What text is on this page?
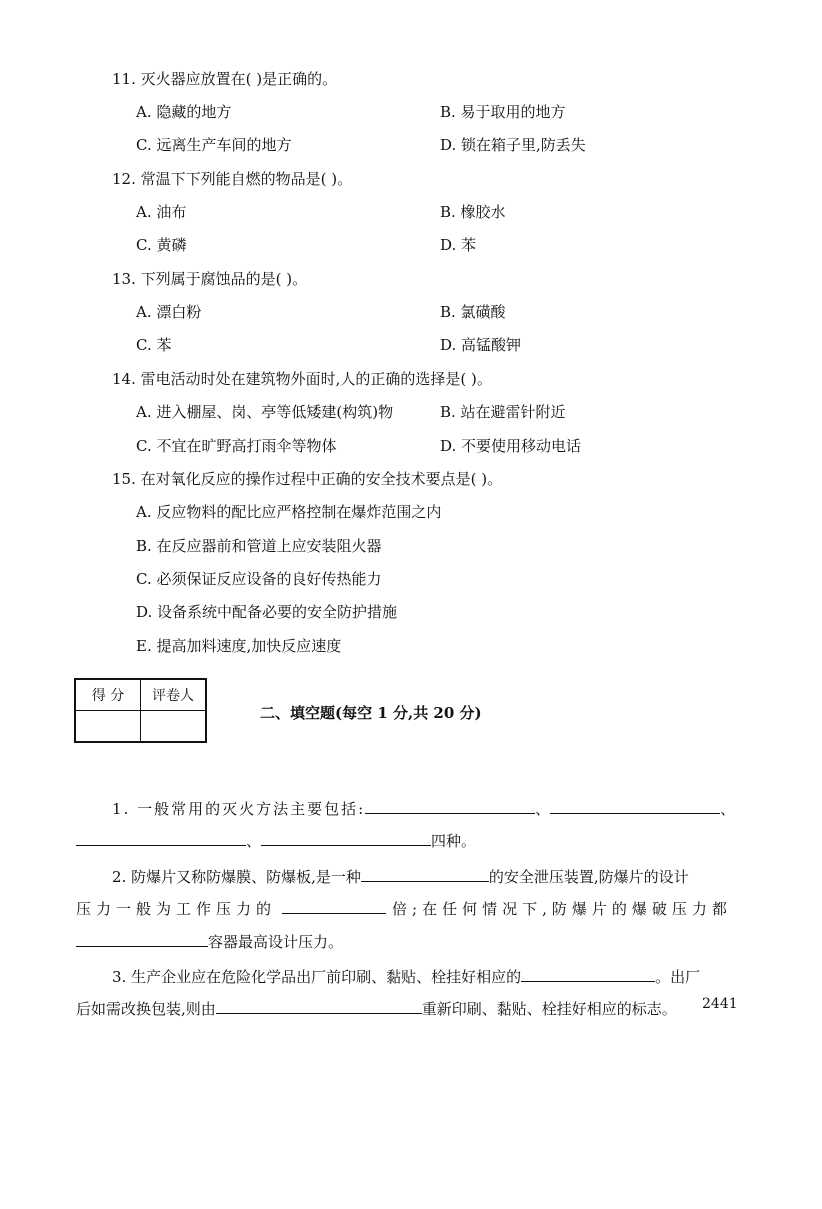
11. 灭火器应放置在( )是正确的。
A. 隐藏的地方	B. 易于取用的地方
C. 远离生产车间的地方	D. 锁在箱子里,防丢失
12. 常温下下列能自燃的物品是( )。
A. 油布	B. 橡胶水
C. 黄磷	D. 苯
13. 下列属于腐蚀品的是( )。
A. 漂白粉	B. 氯磺酸
C. 苯	D. 高锰酸钾
14. 雷电活动时处在建筑物外面时,人的正确的选择是( )。
A. 进入棚屋、岗、亭等低矮建(构筑)物	B. 站在避雷针附近
C. 不宜在旷野高打雨伞等物体	D. 不要使用移动电话
15. 在对氧化反应的操作过程中正确的安全技术要点是( )。
A. 反应物料的配比应严格控制在爆炸范围之内
B. 在反应器前和管道上应安装阻火器
C. 必须保证反应设备的良好传热能力
D. 设备系统中配备必要的安全防护措施
E. 提高加料速度,加快反应速度
得 分	评卷人

二、填空题(每空 1 分,共 20 分)
1. 一般常用的灭火方法主要包括:	、	、
、	四种。
2. 防爆片又称防爆膜、防爆板,是一种	的安全泄压装置,防爆片的设计
压力一般为工作压力的	倍;在任何情况下,防爆片的爆破压力都
容器最高设计压力。
3. 生产企业应在危险化学品出厂前印刷、黏贴、栓挂好相应的	。出厂
后如需改换包装,则由	重新印刷、黏贴、栓挂好相应的标志。	2441
